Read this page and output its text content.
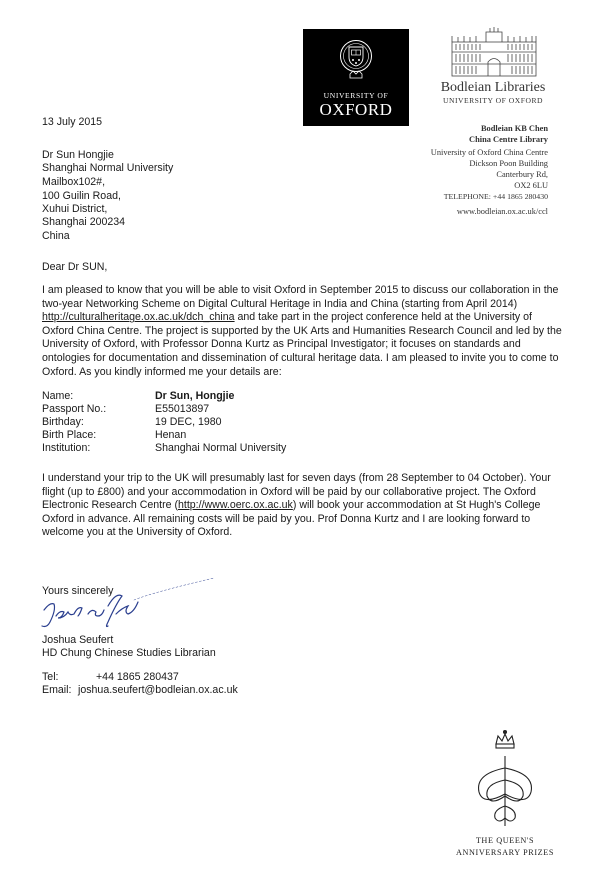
UNIVERSITY OF
OXFORD
Bodleian Libraries
UNIVERSITY OF OXFORD
Bodleian KB Chen
China Centre Library
University of Oxford China Centre
Dickson Poon Building
Canterbury Rd,
OX2 6LU
TELEPHONE: +44 1865 280430
www.bodleian.ox.ac.uk/ccl
13 July 2015
Dr Sun Hongjie
Shanghai Normal University
Mailbox102#,
100 Guilin Road,
Xuhui District,
Shanghai 200234
China
Dear Dr SUN,
I am pleased to know that you will be able to visit Oxford in September 2015 to discuss our collaboration in the two-year Networking Scheme on Digital Cultural Heritage in India and China (starting from April 2014) http://culturalheritage.ox.ac.uk/dch_china and take part in the project conference held at the University of Oxford China Centre. The project is supported by the UK Arts and Humanities Research Council and led by the University of Oxford, with Professor Donna Kurtz as Principal Investigator; it focuses on standards and ontologies for documentation and dissemination of cultural heritage data. I am pleased to invite you to come to Oxford. As you kindly informed me your details are:
Name:	Dr Sun, Hongjie
Passport No.:	E55013897
Birthday:	19 DEC, 1980
Birth Place:	Henan
Institution:	Shanghai Normal University
I understand your trip to the UK will presumably last for seven days (from 28 September to 04 October). Your flight (up to £800) and your accommodation in Oxford will be paid by our collaborative project. The Oxford Electronic Research Centre (http://www.oerc.ox.ac.uk) will book your accommodation at St Hugh's College Oxford in advance. All remaining costs will be paid by you. Prof Donna Kurtz and I are looking forward to welcome you at the University of Oxford.
Yours sincerely
Joshua Seufert
HD Chung Chinese Studies Librarian
Tel:	+44 1865 280437
Email: joshua.seufert@bodleian.ox.ac.uk
THE QUEEN'S
ANNIVERSARY PRIZES
